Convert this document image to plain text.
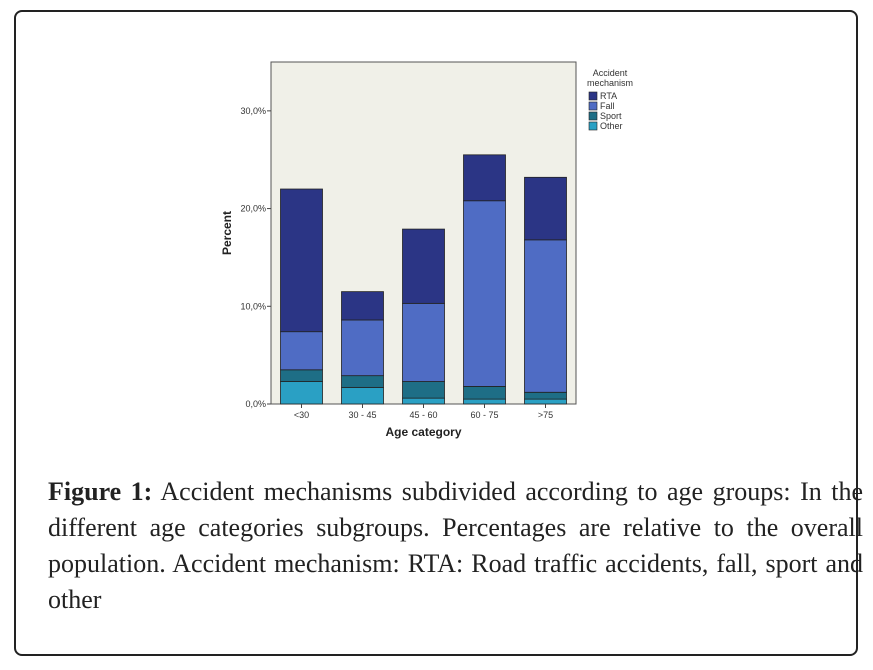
0,0%
10,0%
20,0%
30,0%
<30	30 - 45	45 - 60	60 - 75	>75
Age category
Percent
Accident
mechanism
RTA
Fall
Sport
Other
Figure 1: Accident mechanisms subdivided according to age groups: In the different age categories subgroups. Percentages are relative to the overall population. Accident mechanism: RTA: Road traffic accidents, fall, sport and other
